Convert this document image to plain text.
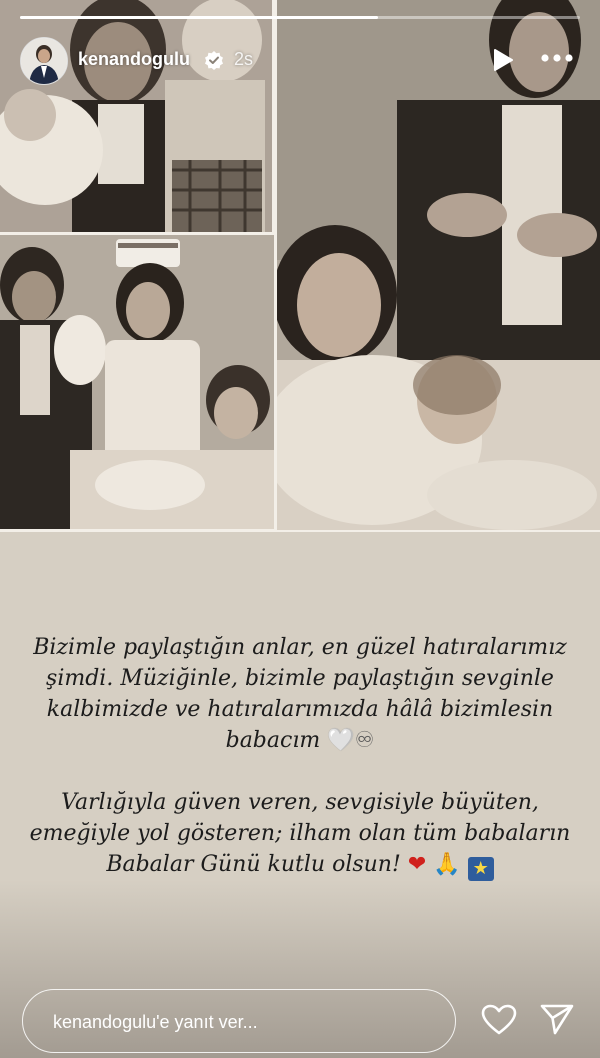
kenandogulu 2s

Bizimle paylaştığın anlar, en güzel hatıralarımız şimdi. Müziğinle, bizimle paylaştığın sevginle kalbimizde ve hatıralarımızda hâlâ bizimlesin babacım 🤍♾

Varlığıyla güven veren, sevgisiyle büyüten, emeğiyle yol gösteren; ilham olan tüm babaların Babalar Günü kutlu olsun! ❤ 🙏 ★

kenandogulu'e yanıt ver...
